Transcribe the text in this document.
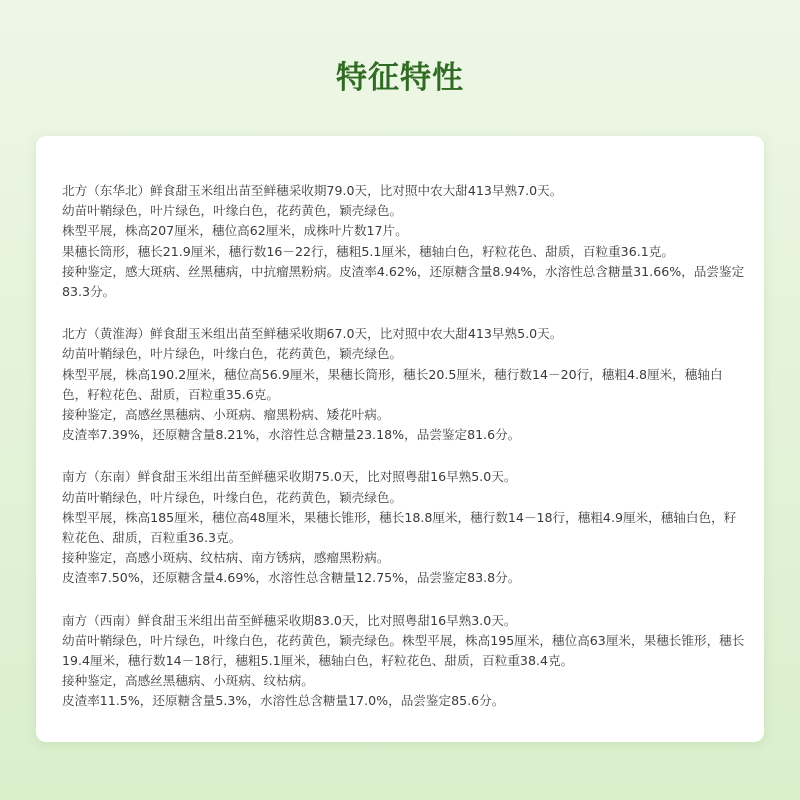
特征特性
北方（东华北）鲜食甜玉米组出苗至鲜穗采收期79.0天，比对照中农大甜413早熟7.0天。
幼苗叶鞘绿色，叶片绿色，叶缘白色，花药黄色，颖壳绿色。
株型平展，株高207厘米，穗位高62厘米，成株叶片数17片。
果穗长筒形，穗长21.9厘米，穗行数16－22行，穗粗5.1厘米，穗轴白色，籽粒花色、甜质，百粒重36.1克。
接种鉴定，感大斑病、丝黑穗病，中抗瘤黑粉病。皮渣率4.62%，还原糖含量8.94%，水溶性总含糖量31.66%，品尝鉴定83.3分。
北方（黄淮海）鲜食甜玉米组出苗至鲜穗采收期67.0天，比对照中农大甜413早熟5.0天。
幼苗叶鞘绿色，叶片绿色，叶缘白色，花药黄色，颖壳绿色。
株型平展，株高190.2厘米，穗位高56.9厘米，果穗长筒形，穗长20.5厘米，穗行数14－20行，穗粗4.8厘米，穗轴白色，籽粒花色、甜质，百粒重35.6克。
接种鉴定，高感丝黑穗病、小斑病、瘤黑粉病、矮花叶病。
皮渣率7.39%，还原糖含量8.21%，水溶性总含糖量23.18%，品尝鉴定81.6分。
南方（东南）鲜食甜玉米组出苗至鲜穗采收期75.0天，比对照粤甜16早熟5.0天。
幼苗叶鞘绿色，叶片绿色，叶缘白色，花药黄色，颖壳绿色。
株型平展，株高185厘米，穗位高48厘米，果穗长锥形，穗长18.8厘米，穗行数14－18行，穗粗4.9厘米，穗轴白色，籽粒花色、甜质，百粒重36.3克。
接种鉴定，高感小斑病、纹枯病、南方锈病，感瘤黑粉病。
皮渣率7.50%，还原糖含量4.69%，水溶性总含糖量12.75%，品尝鉴定83.8分。
南方（西南）鲜食甜玉米组出苗至鲜穗采收期83.0天，比对照粤甜16早熟3.0天。
幼苗叶鞘绿色，叶片绿色，叶缘白色，花药黄色，颖壳绿色。株型平展，株高195厘米，穗位高63厘米，果穗长锥形，穗长19.4厘米，穗行数14－18行，穗粗5.1厘米，穗轴白色，籽粒花色、甜质，百粒重38.4克。
接种鉴定，高感丝黑穗病、小斑病、纹枯病。
皮渣率11.5%，还原糖含量5.3%，水溶性总含糖量17.0%，品尝鉴定85.6分。
